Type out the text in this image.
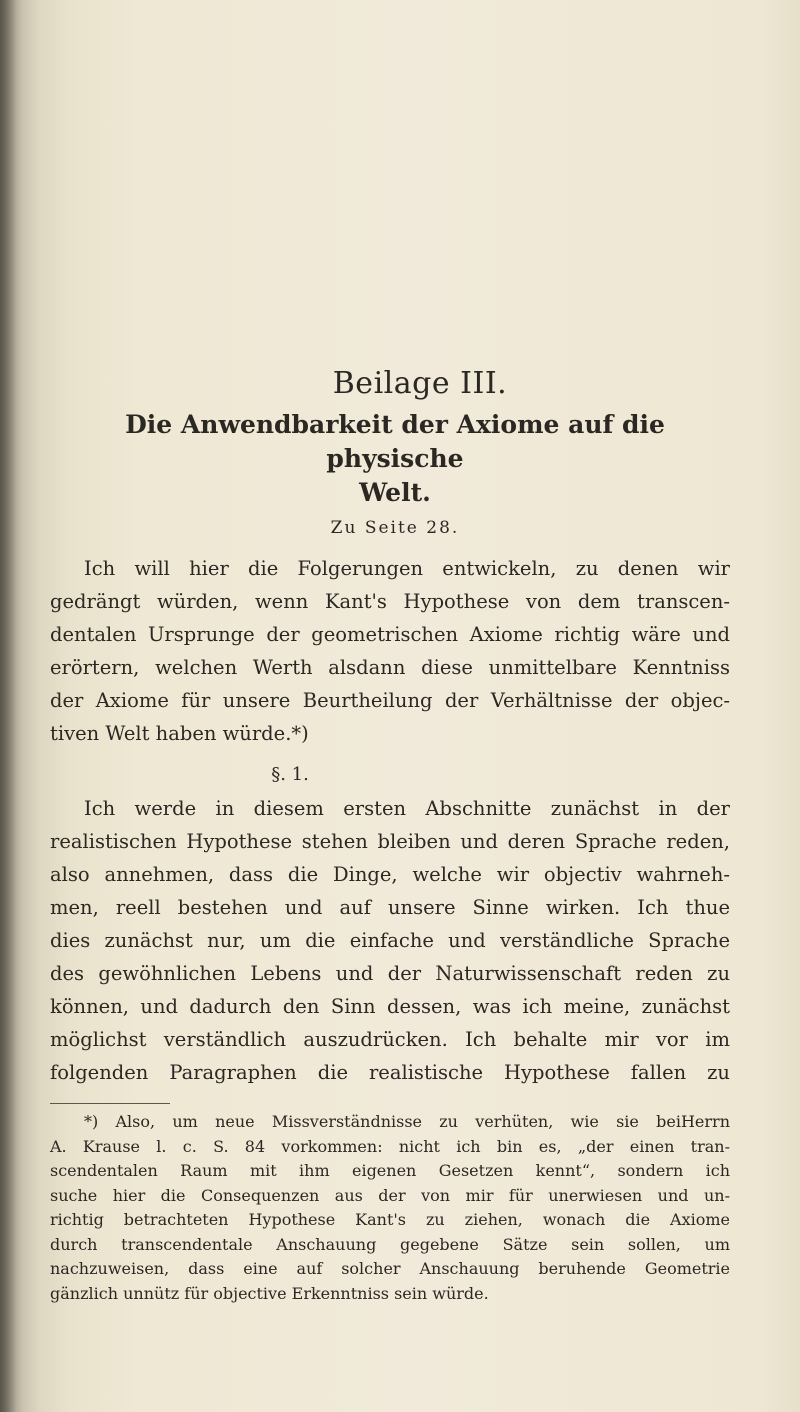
Beilage III.
Die Anwendbarkeit der Axiome auf die physische
Welt.
Zu Seite 28.
Ich will hier die Folgerungen entwickeln, zu denen wir
gedrängt würden, wenn Kant's Hypothese von dem transcen-
dentalen Ursprunge der geometrischen Axiome richtig wäre und
erörtern, welchen Werth alsdann diese unmittelbare Kenntniss
der Axiome für unsere Beurtheilung der Verhältnisse der objec-
tiven Welt haben würde.*)
§. 1.
Ich werde in diesem ersten Abschnitte zunächst in der
realistischen Hypothese stehen bleiben und deren Sprache reden,
also annehmen, dass die Dinge, welche wir objectiv wahrneh-
men, reell bestehen und auf unsere Sinne wirken. Ich thue
dies zunächst nur, um die einfache und verständliche Sprache
des gewöhnlichen Lebens und der Naturwissenschaft reden zu
können, und dadurch den Sinn dessen, was ich meine, zunächst
möglichst verständlich auszudrücken. Ich behalte mir vor im
folgenden Paragraphen die realistische Hypothese fallen zu
*) Also, um neue Missverständnisse zu verhüten, wie sie beiHerrn
A. Krause l. c. S. 84 vorkommen: nicht ich bin es, „der einen tran-
scendentalen Raum mit ihm eigenen Gesetzen kennt“, sondern ich
suche hier die Consequenzen aus der von mir für unerwiesen und un-
richtig betrachteten Hypothese Kant's zu ziehen, wonach die Axiome
durch transcendentale Anschauung gegebene Sätze sein sollen, um
nachzuweisen, dass eine auf solcher Anschauung beruhende Geometrie
gänzlich unnütz für objective Erkenntniss sein würde.
